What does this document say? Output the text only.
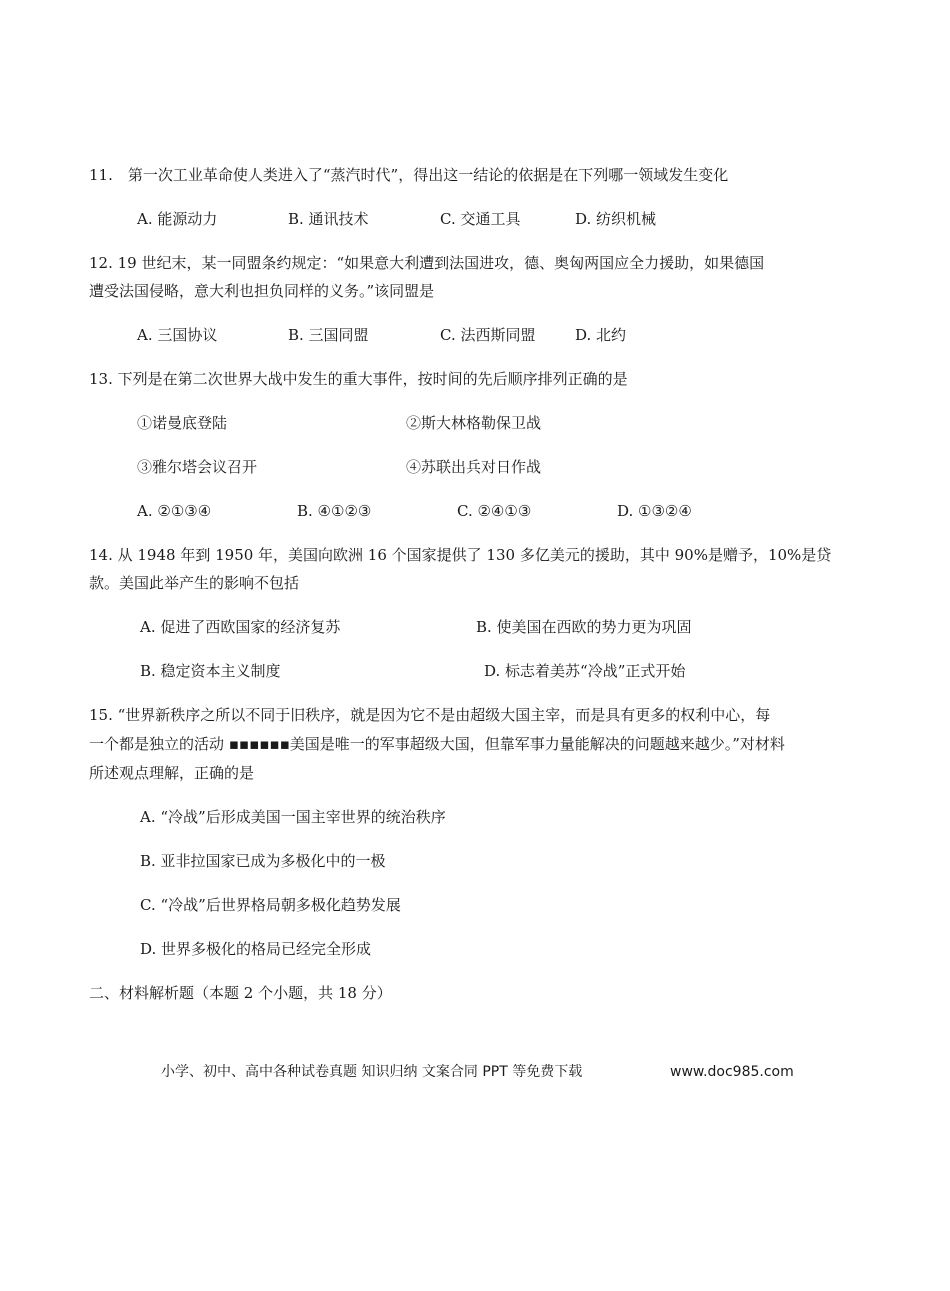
11.　第一次工业革命使人类进入了“蒸汽时代”，得出这一结论的依据是在下列哪一领域发生变化
A. 能源动力	B. 通讯技术	C. 交通工具	D. 纺织机械
12. 19 世纪末，某一同盟条约规定：“如果意大利遭到法国进攻，德、奥匈两国应全力援助，如果德国
遭受法国侵略，意大利也担负同样的义务。”该同盟是
A. 三国协议	B. 三国同盟	C. 法西斯同盟	D. 北约
13. 下列是在第二次世界大战中发生的重大事件，按时间的先后顺序排列正确的是
①诺曼底登陆	②斯大林格勒保卫战
③雅尔塔会议召开	④苏联出兵对日作战
A. ②①③④	B. ④①②③	C. ②④①③	D. ①③②④
14. 从 1948 年到 1950 年，美国向欧洲 16 个国家提供了 130 多亿美元的援助，其中 90%是赠予，10%是贷
款。美国此举产生的影响不包括
A. 促进了西欧国家的经济复苏	B. 使美国在西欧的势力更为巩固
B. 稳定资本主义制度	D. 标志着美苏“冷战”正式开始
15. “世界新秩序之所以不同于旧秩序，就是因为它不是由超级大国主宰，而是具有更多的权利中心，每
一个都是独立的活动 ▪▪▪▪▪▪美国是唯一的军事超级大国，但靠军事力量能解决的问题越来越少。”对材料
所述观点理解，正确的是
A. “冷战”后形成美国一国主宰世界的统治秩序
B. 亚非拉国家已成为多极化中的一极
C. “冷战”后世界格局朝多极化趋势发展
D. 世界多极化的格局已经完全形成
二、材料解析题（本题 2 个小题，共 18 分）
小学、初中、高中各种试卷真题 知识归纳 文案合同 PPT 等免费下载	www.doc985.com
